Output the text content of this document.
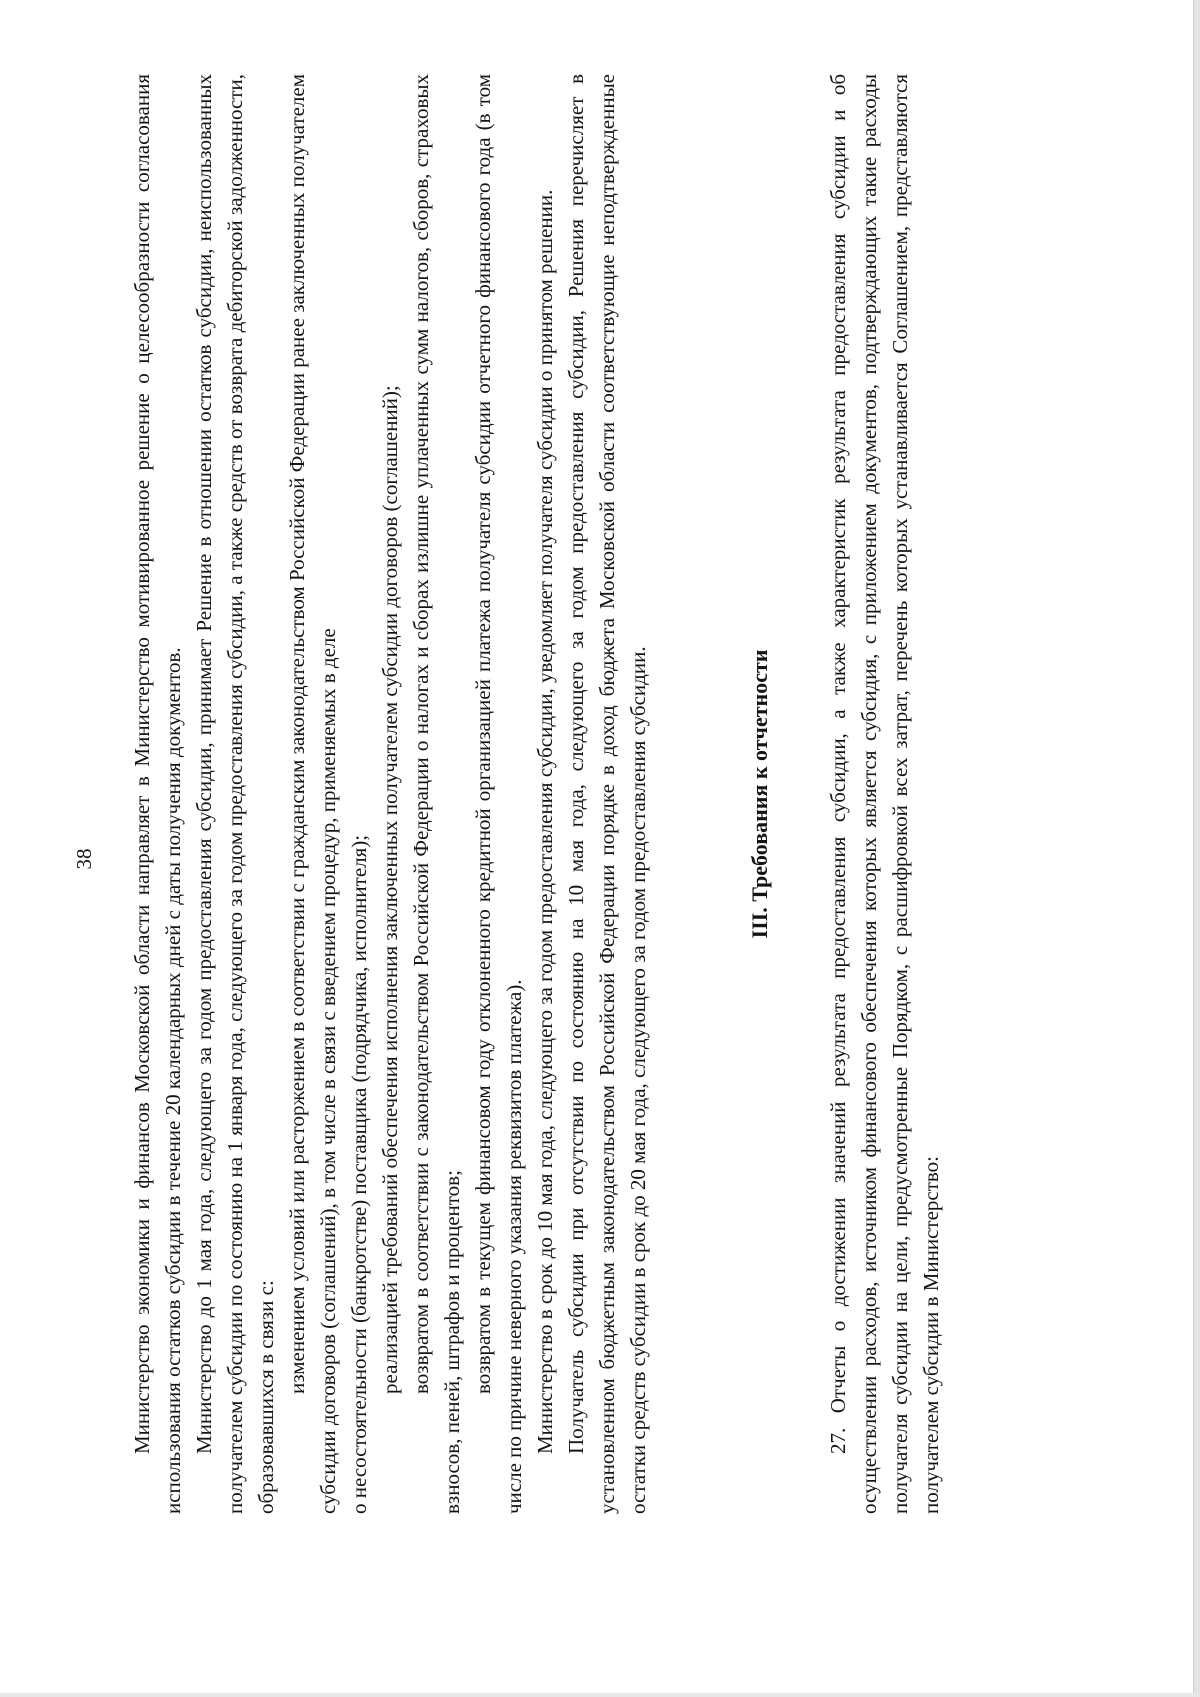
38 Министерство экономики и финансов Московской области направляет в Министерство мотивированное решение о целесообразности согласования использования остатков субсидии в течение 20 календарных дней с даты получения документов. Министерство до 1 мая года, следующего за годом предоставления субсидии, принимает Решение в отношении остатков субсидии, неиспользованных получателем субсидии по состоянию на 1 января года, следующего за годом предоставления субсидии, а также средств от возврата дебиторской задолженности, образовавшихся в связи с:

изменением условий или расторжением в соответствии с гражданским законодательством Российской Федерации ранее заключенных получателем субсидии договоров (соглашений), в том числе в связи с введением процедур, применяемых в деле о несостоятельности (банкротстве) поставщика (подрядчика, исполнителя); реализацией требований обеспечения исполнения заключенных получателем субсидии договоров (соглашений); возвратом в соответствии с законодательством Российской Федерации о налогах и сборах излишне уплаченных сумм налогов, сборов, страховых взносов, пеней, штрафов и процентов; возвратом в текущем финансовом году отклоненного кредитной организацией платежа получателя субсидии отчетного финансового года (в том числе по причине неверного указания реквизитов платежа). Министерство в срок до 10 мая года, следующего за годом предоставления субсидии, уведомляет получателя субсидии о принятом решении. Получатель субсидии при отсутствии по состоянию на 10 мая года, следующего за годом предоставления субсидии, Решения перечисляет в установленном бюджетным законодательством Российской Федерации порядке в доход бюджета Московской области соответствующие неподтвержденные остатки средств субсидии в срок до 20 мая года, следующего за годом предоставления субсидии.	III. Требования к отчетности	27. Отчеты о достижении значений результата предоставления субсидии, а также характеристик результата предоставления субсидии и об осуществлении расходов, источником финансового обеспечения которых является субсидия, с приложением документов, подтверждающих такие расходы получателя субсидии на цели, предусмотренные Порядком, с расшифровкой всех затрат, перечень которых устанавливается Соглашением, представляются получателем субсидии в Министерство:
